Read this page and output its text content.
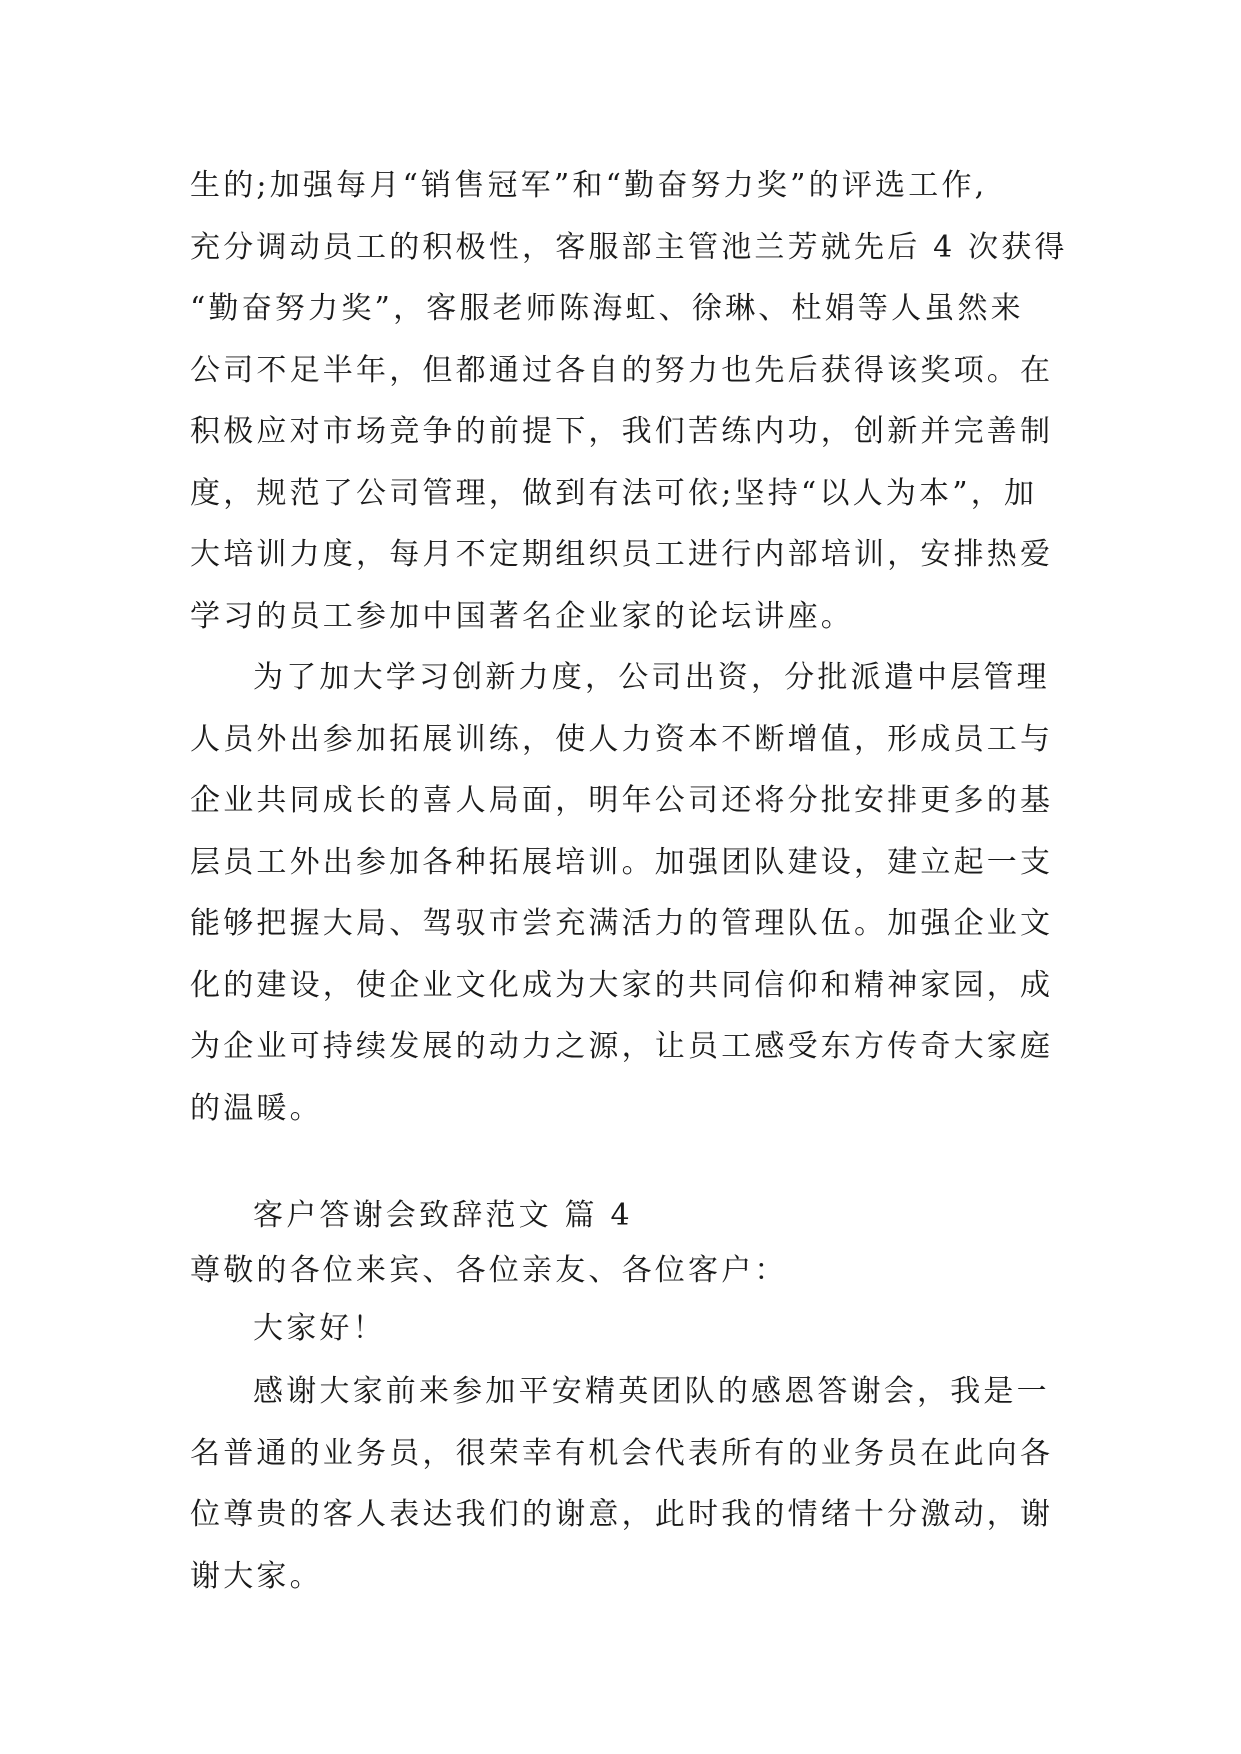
生的;加强每月“销售冠军”和“勤奋努力奖”的评选工作,
充分调动员工的积极性，客服部主管池兰芳就先后 4 次获得
“勤奋努力奖”，客服老师陈海虹、徐琳、杜娟等人虽然来
公司不足半年，但都通过各自的努力也先后获得该奖项。在
积极应对市场竞争的前提下，我们苦练内功，创新并完善制
度，规范了公司管理，做到有法可依;坚持“以人为本”，加
大培训力度，每月不定期组织员工进行内部培训，安排热爱
学习的员工参加中国著名企业家的论坛讲座。
为了加大学习创新力度，公司出资，分批派遣中层管理
人员外出参加拓展训练，使人力资本不断增值，形成员工与
企业共同成长的喜人局面，明年公司还将分批安排更多的基
层员工外出参加各种拓展培训。加强团队建设，建立起一支
能够把握大局、驾驭市尝充满活力的管理队伍。加强企业文
化的建设，使企业文化成为大家的共同信仰和精神家园，成
为企业可持续发展的动力之源，让员工感受东方传奇大家庭
的温暖。
客户答谢会致辞范文 篇 4
尊敬的各位来宾、各位亲友、各位客户：
大家好！
感谢大家前来参加平安精英团队的感恩答谢会，我是一
名普通的业务员，很荣幸有机会代表所有的业务员在此向各
位尊贵的客人表达我们的谢意，此时我的情绪十分激动，谢
谢大家。
